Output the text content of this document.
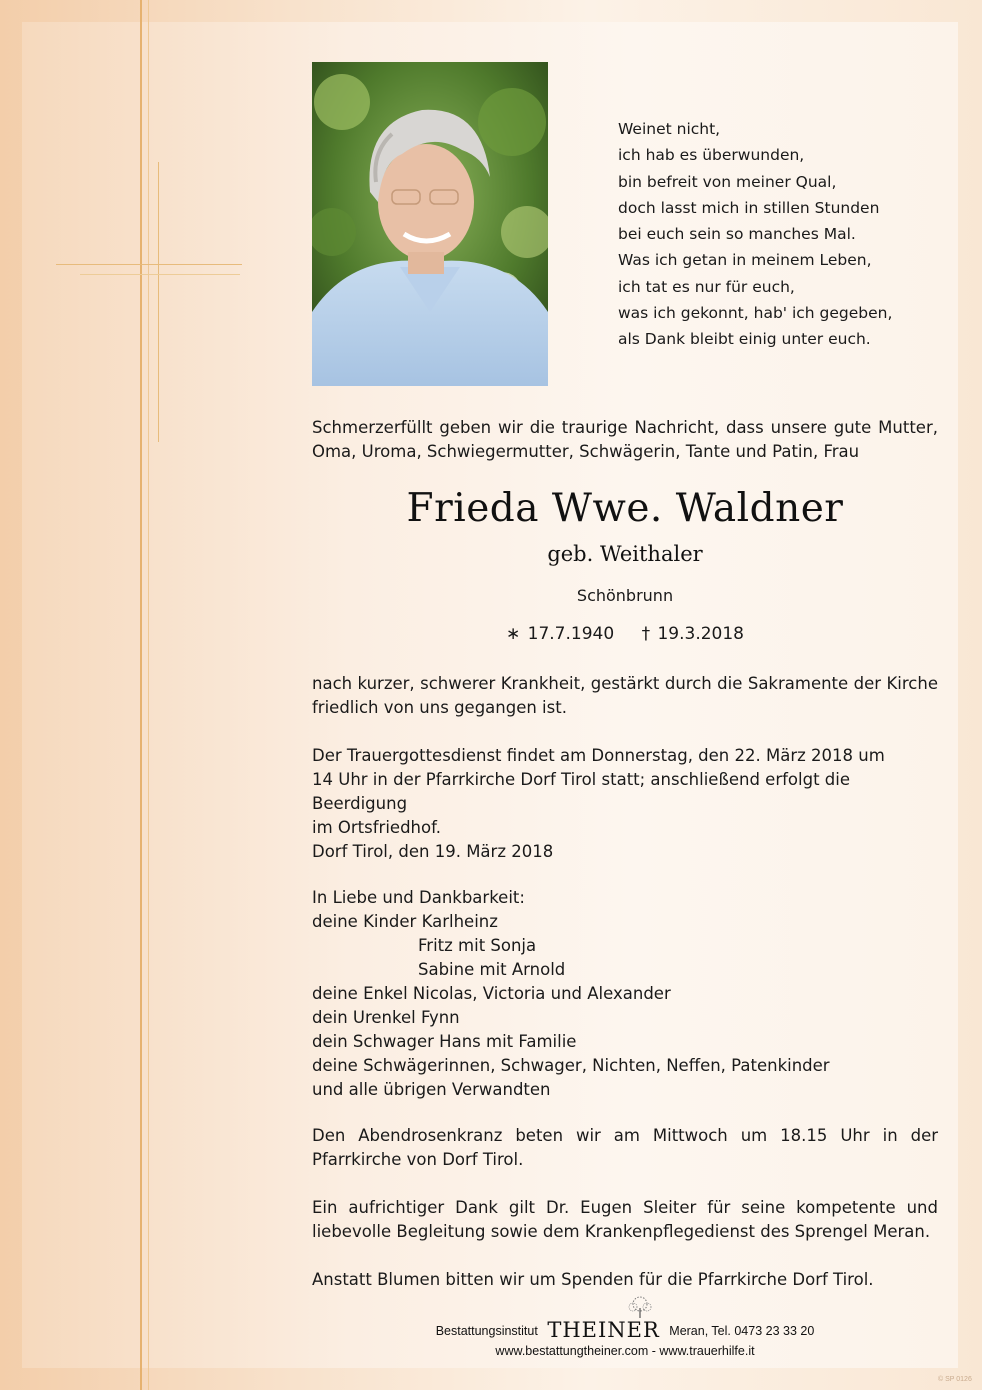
Weinet nicht,
ich hab es überwunden,
bin befreit von meiner Qual,
doch lasst mich in stillen Stunden
bei euch sein so manches Mal.
Was ich getan in meinem Leben,
ich tat es nur für euch,
was ich gekonnt, hab' ich gegeben,
als Dank bleibt einig unter euch.
Schmerzerfüllt geben wir die traurige Nachricht, dass unsere gute Mutter, Oma, Uroma, Schwiegermutter, Schwägerin, Tante und Patin, Frau
Frieda Wwe. Waldner
geb. Weithaler
Schönbrunn
∗ 17.7.1940 † 19.3.2018
nach kurzer, schwerer Krankheit, gestärkt durch die Sakramente der Kirche friedlich von uns gegangen ist.
Der Trauergottesdienst findet am Donnerstag, den 22. März 2018 um
14 Uhr in der Pfarrkirche Dorf Tirol statt; anschließend erfolgt die Beerdigung
im Ortsfriedhof.
Dorf Tirol, den 19. März 2018
In Liebe und Dankbarkeit:
deine Kinder Karlheinz
Fritz mit Sonja
Sabine mit Arnold
deine Enkel Nicolas, Victoria und Alexander
dein Urenkel Fynn
dein Schwager Hans mit Familie
deine Schwägerinnen, Schwager, Nichten, Neffen, Patenkinder
und alle übrigen Verwandten
Den Abendrosenkranz beten wir am Mittwoch um 18.15 Uhr in der Pfarrkirche von Dorf Tirol.
Ein aufrichtiger Dank gilt Dr. Eugen Sleiter für seine kompetente und liebevolle Begleitung sowie dem Krankenpflegedienst des Sprengel Meran.
Anstatt Blumen bitten wir um Spenden für die Pfarrkirche Dorf Tirol.
Bestattungsinstitut THEINER Meran, Tel. 0473 23 33 20
www.bestattungtheiner.com - www.trauerhilfe.it
© SP 0126
